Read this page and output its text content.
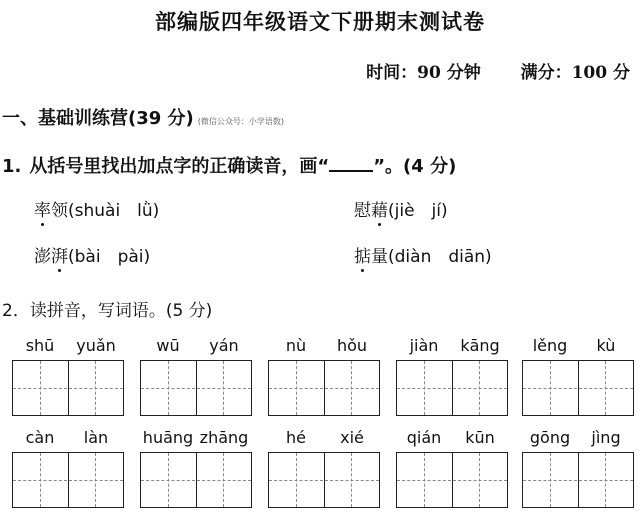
部编版四年级语文下册期末测试卷
时间：90 分钟 满分：100 分
一、基础训练营(39 分) (微信公众号：小学语数)
1. 从括号里找出加点字的正确读音，画“ ”。(4 分)
率领(shuài　lǜ)	慰藉(jiè　jí)
澎湃(bài　pài)	掂量(diàn　diān)
2．读拼音，写词语。(5 分)
shū	yuǎn	wū	yán	nù	hǒu	jiàn	kāng	lěng	kù
càn	làn	huāng zhāng	hé	xié	qián	kūn	gōng	jìng
